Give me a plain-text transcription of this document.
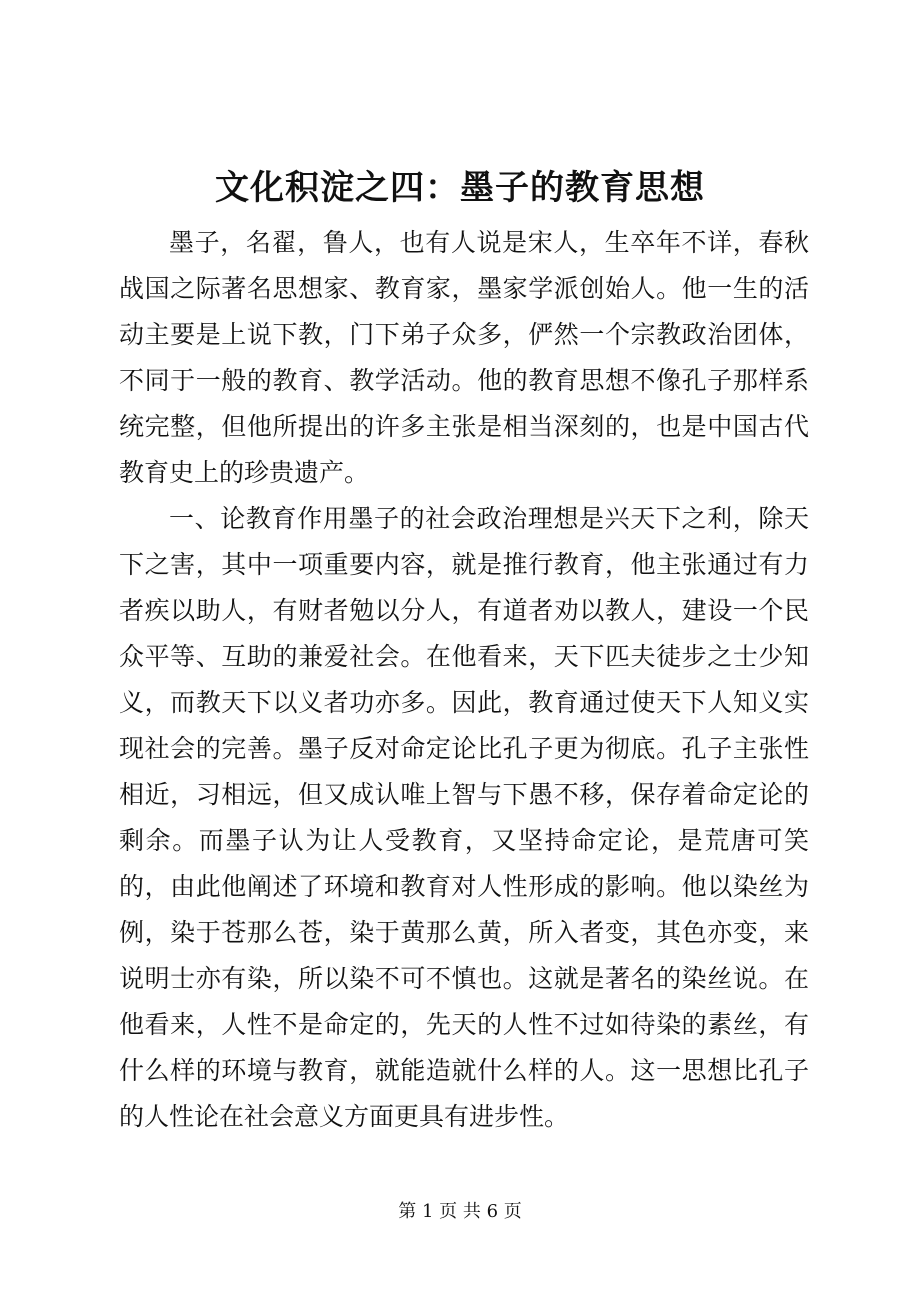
文化积淀之四：墨子的教育思想

墨子，名翟，鲁人，也有人说是宋人，生卒年不详，春秋战国之际著名思想家、教育家，墨家学派创始人。他一生的活动主要是上说下教，门下弟子众多，俨然一个宗教政治团体，不同于一般的教育、教学活动。他的教育思想不像孔子那样系统完整，但他所提出的许多主张是相当深刻的，也是中国古代教育史上的珍贵遗产。

一、论教育作用墨子的社会政治理想是兴天下之利，除天下之害，其中一项重要内容，就是推行教育，他主张通过有力者疾以助人，有财者勉以分人，有道者劝以教人，建设一个民众平等、互助的兼爱社会。在他看来，天下匹夫徒步之士少知义，而教天下以义者功亦多。因此，教育通过使天下人知义实现社会的完善。墨子反对命定论比孔子更为彻底。孔子主张性相近，习相远，但又成认唯上智与下愚不移，保存着命定论的剩余。而墨子认为让人受教育，又坚持命定论，是荒唐可笑的，由此他阐述了环境和教育对人性形成的影响。他以染丝为例，染于苍那么苍，染于黄那么黄，所入者变，其色亦变，来说明士亦有染，所以染不可不慎也。这就是著名的染丝说。在他看来，人性不是命定的，先天的人性不过如待染的素丝，有什么样的环境与教育，就能造就什么样的人。这一思想比孔子的人性论在社会意义方面更具有进步性。

第 1 页 共 6 页
